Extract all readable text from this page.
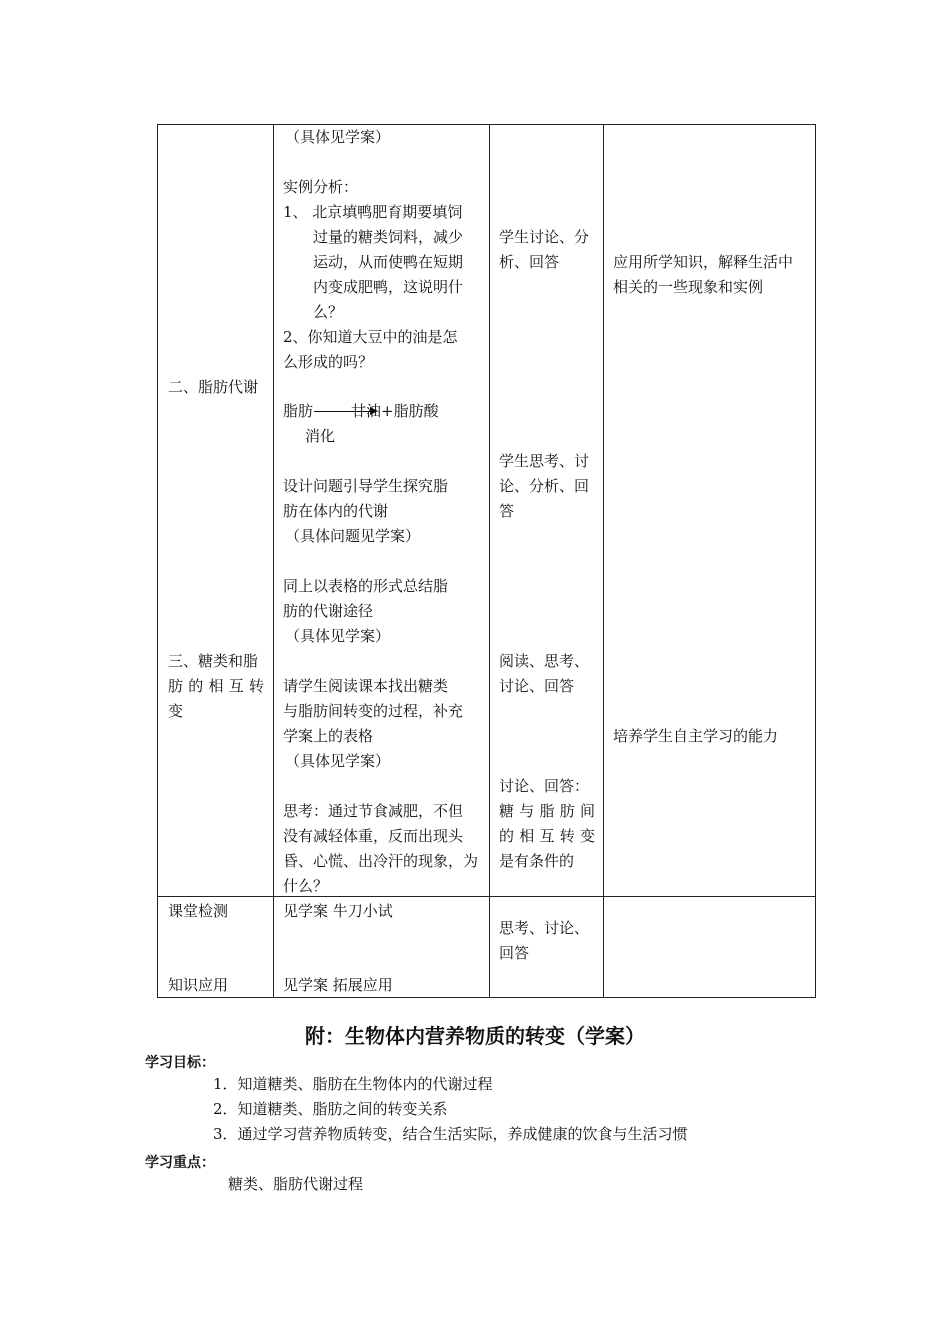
二、脂肪代谢
三、糖类和脂
肪的相互转
变
课堂检测
知识应用
（具体见学案）
实例分析：
1、 北京填鸭肥育期要填饲
过量的糖类饲料，减少
运动，从而使鸭在短期
内变成肥鸭，这说明什
么？
2、你知道大豆中的油是怎
么形成的吗？
脂肪	甘油+脂肪酸
消化
设计问题引导学生探究脂
肪在体内的代谢
（具体问题见学案）
同上以表格的形式总结脂
肪的代谢途径
（具体见学案）
请学生阅读课本找出糖类
与脂肪间转变的过程，补充
学案上的表格
（具体见学案）
思考：通过节食减肥，不但
没有减轻体重，反而出现头
昏、心慌、出冷汗的现象，为
什么？
见学案 牛刀小试
见学案 拓展应用
学生讨论、分
析、回答
学生思考、讨
论、分析、回
答
阅读、思考、
讨论、回答
讨论、回答：
糖与脂肪间
的相互转变
是有条件的
思考、讨论、
回答
应用所学知识，解释生活中
相关的一些现象和实例
培养学生自主学习的能力
附：生物体内营养物质的转变（学案）
学习目标：
1．知道糖类、脂肪在生物体内的代谢过程
2．知道糖类、脂肪之间的转变关系
3．通过学习营养物质转变，结合生活实际，养成健康的饮食与生活习惯
学习重点：
糖类、脂肪代谢过程
